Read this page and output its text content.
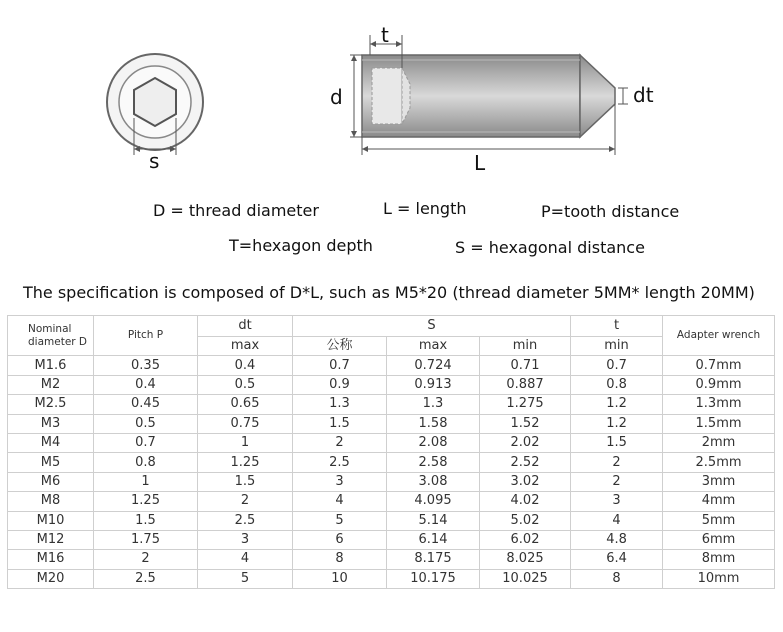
s
t
d	dt
L
D = thread diameter	L = length	P=tooth distance
T=hexagon depth	S = hexagonal distance
The specification is composed of D*L, such as M5*20 (thread diameter 5MM* length 20MM)
Nominal diameter D	Pitch P	dt	S			t	Adapter wrench
		max	公称	max	min	min	
M1.6	0.35	0.4	0.7	0.724	0.71	0.7	0.7mm
M2	0.4	0.5	0.9	0.913	0.887	0.8	0.9mm
M2.5	0.45	0.65	1.3	1.3	1.275	1.2	1.3mm
M3	0.5	0.75	1.5	1.58	1.52	1.2	1.5mm
M4	0.7	1	2	2.08	2.02	1.5	2mm
M5	0.8	1.25	2.5	2.58	2.52	2	2.5mm
M6	1	1.5	3	3.08	3.02	2	3mm
M8	1.25	2	4	4.095	4.02	3	4mm
M10	1.5	2.5	5	5.14	5.02	4	5mm
M12	1.75	3	6	6.14	6.02	4.8	6mm
M16	2	4	8	8.175	8.025	6.4	8mm
M20	2.5	5	10	10.175	10.025	8	10mm
